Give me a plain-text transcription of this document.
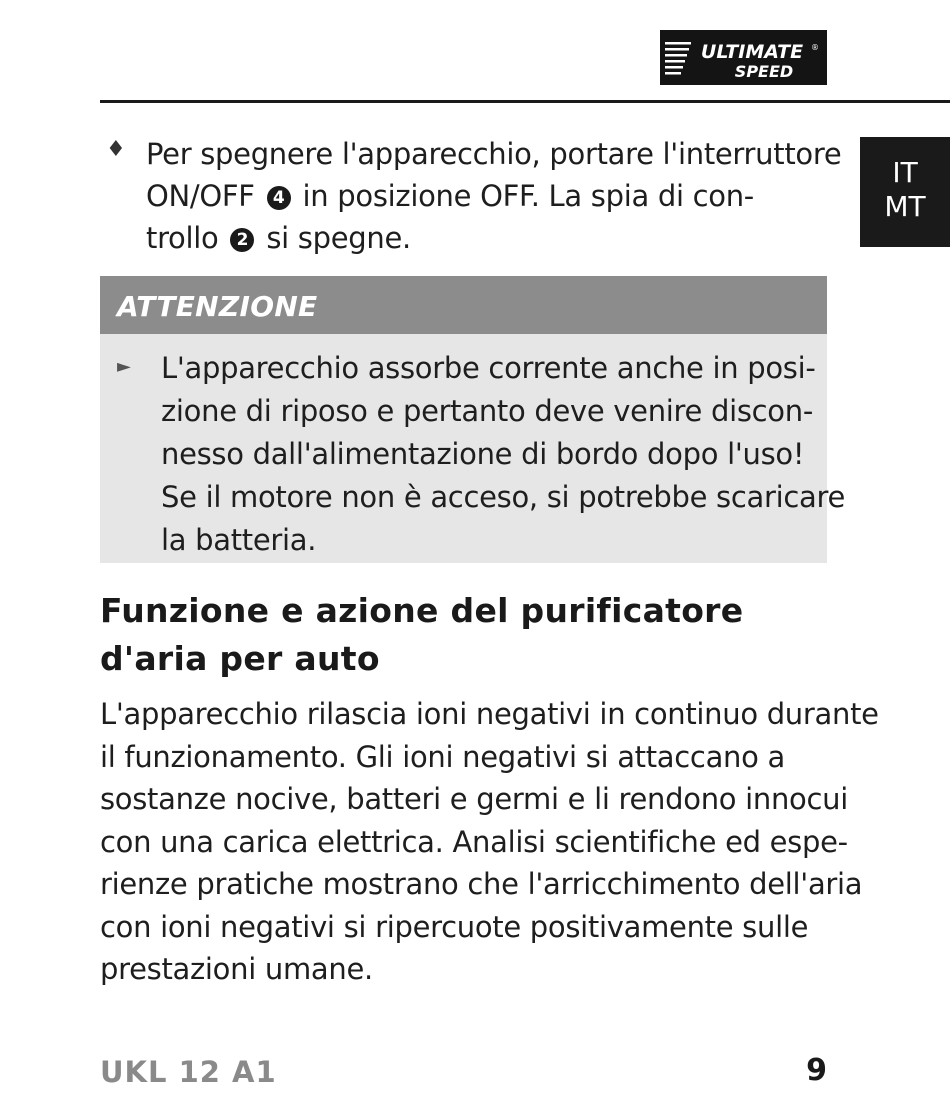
ULTIMATE
SPEED
®
IT
MT
♦ Per spegnere l'apparecchio, portare l'interruttore
ON/OFF 4 in posizione OFF. La spia di con-
trollo 2 si spegne.
ATTENZIONE
► L'apparecchio assorbe corrente anche in posi-
zione di riposo e pertanto deve venire discon-
nesso dall'alimentazione di bordo dopo l'uso!
Se il motore non è acceso, si potrebbe scaricare
la batteria.
Funzione e azione del purificatore
d'aria per auto
L'apparecchio rilascia ioni negativi in continuo durante
il funzionamento. Gli ioni negativi si attaccano a
sostanze nocive, batteri e germi e li rendono innocui
con una carica elettrica. Analisi scientifiche ed espe-
rienze pratiche mostrano che l'arricchimento dell'aria
con ioni negativi si ripercuote positivamente sulle
prestazioni umane.
UKL 12 A1	9
